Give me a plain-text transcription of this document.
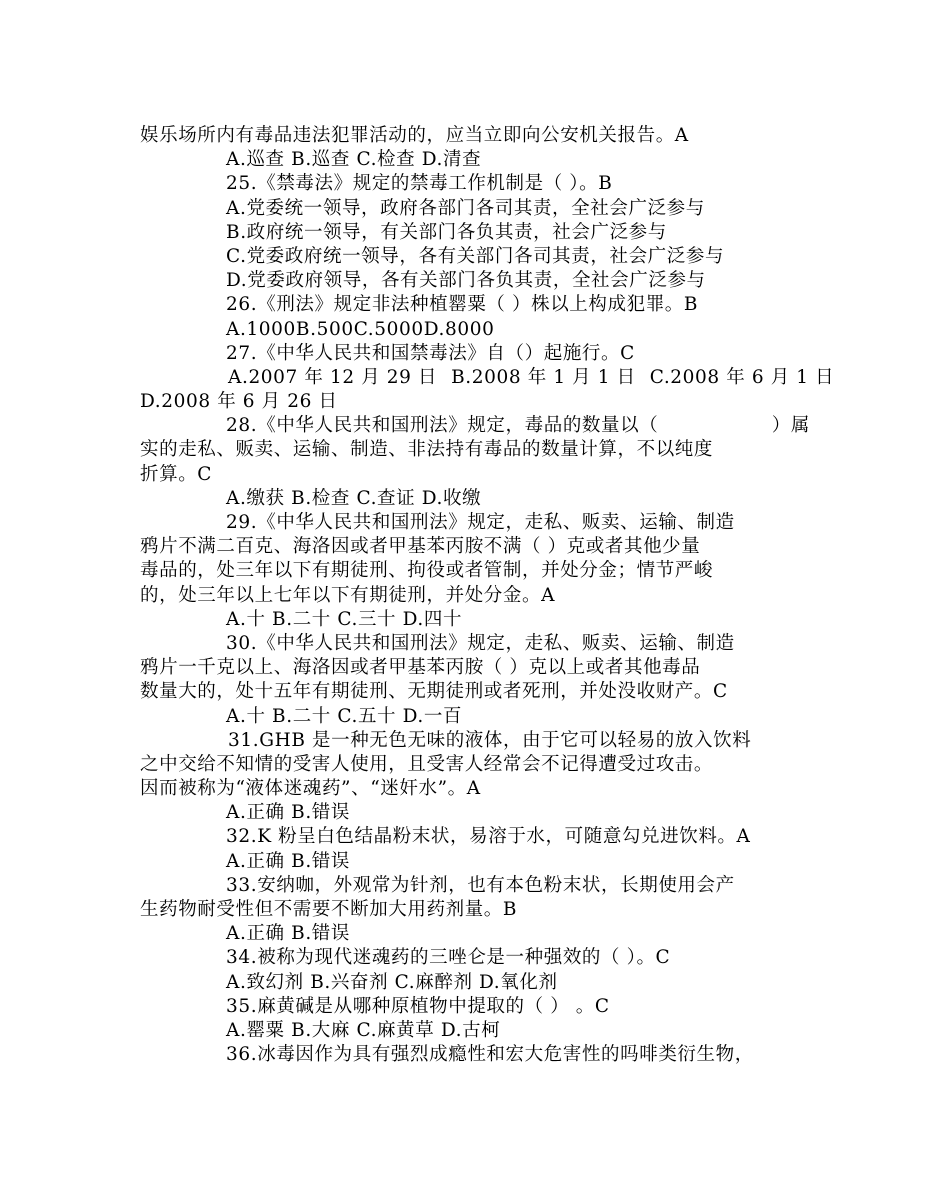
娱乐场所内有毒品违法犯罪活动的，应当立即向公安机关报告。A
A.巡查 B.巡查 C.检查 D.清查
25.《禁毒法》规定的禁毒工作机制是（ ）。B
A.党委统一领导，政府各部门各司其责，全社会广泛参与
B.政府统一领导，有关部门各负其责，社会广泛参与
C.党委政府统一领导，各有关部门各司其责，社会广泛参与
D.党委政府领导，各有关部门各负其责，全社会广泛参与
26.《刑法》规定非法种植罂粟（ ）株以上构成犯罪。B
A.1000B.500C.5000D.8000
27.《中华人民共和国禁毒法》自（）起施行。C
A.2007 年 12 月 29 日 B.2008 年 1 月 1 日 C.2008 年 6 月 1 日
D.2008 年 6 月 26 日
28.《中华人民共和国刑法》规定，毒品的数量以（	）属
实的走私、贩卖、运输、制造、非法持有毒品的数量计算，不以纯度
折算。C
A.缴获 B.检查 C.查证 D.收缴
29.《中华人民共和国刑法》规定，走私、贩卖、运输、制造
鸦片不满二百克、海洛因或者甲基苯丙胺不满（ ）克或者其他少量
毒品的，处三年以下有期徒刑、拘役或者管制，并处分金；情节严峻
的，处三年以上七年以下有期徒刑，并处分金。A
A.十 B.二十 C.三十 D.四十
30.《中华人民共和国刑法》规定，走私、贩卖、运输、制造
鸦片一千克以上、海洛因或者甲基苯丙胺（ ）克以上或者其他毒品
数量大的，处十五年有期徒刑、无期徒刑或者死刑，并处没收财产。C
A.十 B.二十 C.五十 D.一百
31.GHB 是一种无色无味的液体，由于它可以轻易的放入饮料
之中交给不知情的受害人使用，且受害人经常会不记得遭受过攻击。
因而被称为“液体迷魂药”、“迷奸水”。A
A.正确 B.错误
32.K 粉呈白色结晶粉末状，易溶于水，可随意勾兑进饮料。A
A.正确 B.错误
33.安纳咖，外观常为针剂，也有本色粉末状，长期使用会产
生药物耐受性但不需要不断加大用药剂量。B
A.正确 B.错误
34.被称为现代迷魂药的三唑仑是一种强效的（ ）。C
A.致幻剂 B.兴奋剂 C.麻醉剂 D.氧化剂
35.麻黄碱是从哪种原植物中提取的（ ） 。C
A.罂粟 B.大麻 C.麻黄草 D.古柯
36.冰毒因作为具有强烈成瘾性和宏大危害性的吗啡类衍生物，
